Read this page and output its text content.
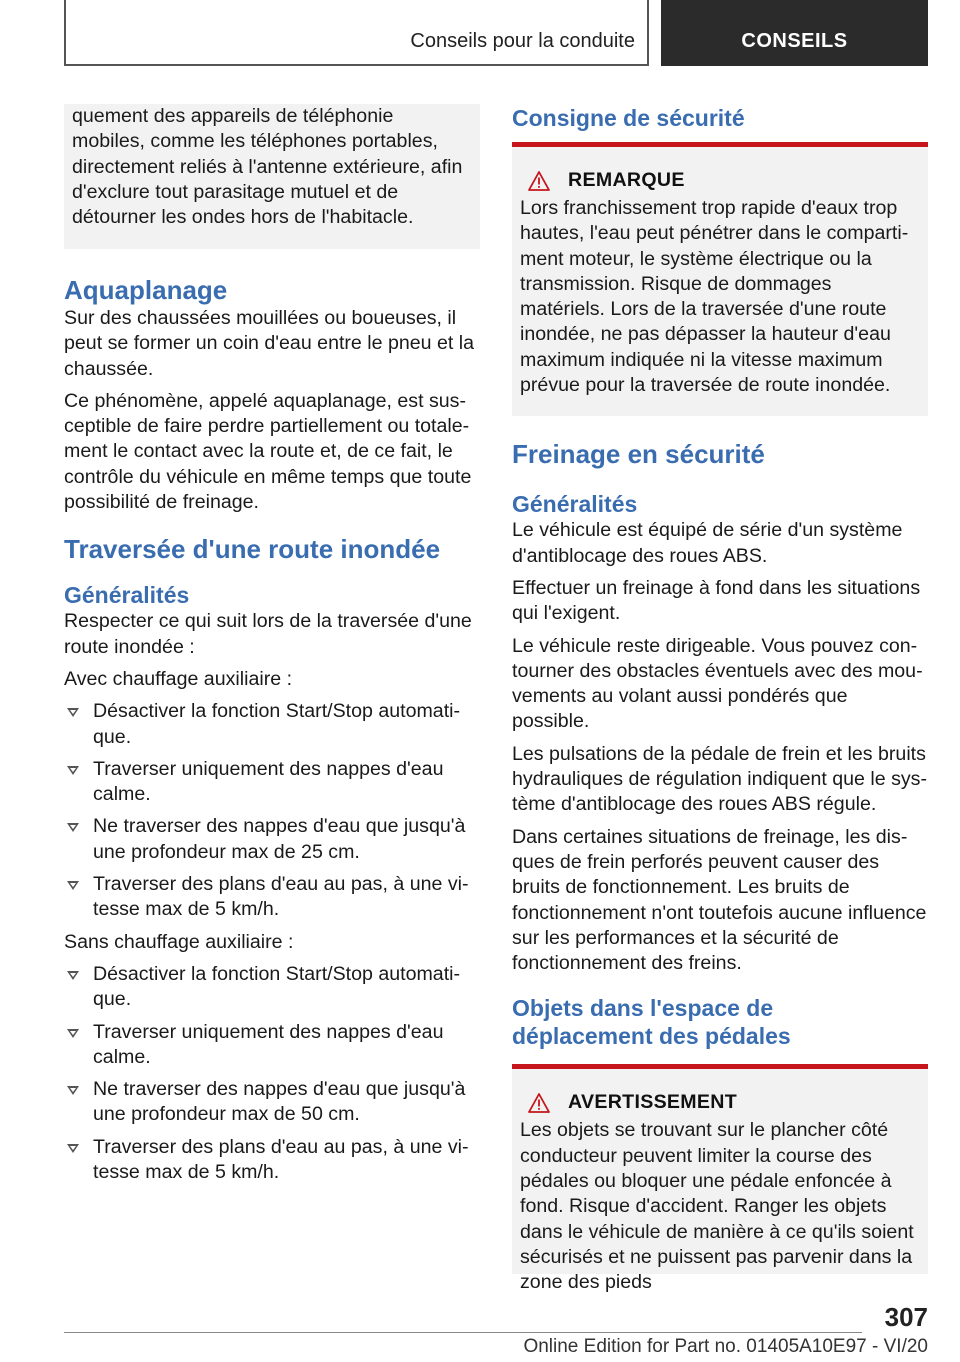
Conseils pour la conduite	CONSEILS

quement des appareils de téléphonie mobiles, comme les téléphones portables, directement reliés à l'antenne extérieure, afin d'exclure tout parasitage mutuel et de détourner les ondes hors de l'habitacle.

Aquaplanage

Sur des chaussées mouillées ou boueuses, il peut se former un coin d'eau entre le pneu et la chaussée.

Ce phénomène, appelé aquaplanage, est susceptible de faire perdre partiellement ou totalement le contact avec la route et, de ce fait, le contrôle du véhicule en même temps que toute possibilité de freinage.

Traversée d'une route inondée
Généralités

Respecter ce qui suit lors de la traversée d'une route inondée :

Avec chauffage auxiliaire :

Désactiver la fonction Start/Stop automatique.
Traverser uniquement des nappes d'eau calme.
Ne traverser des nappes d'eau que jusqu'à une profondeur max de 25 cm.
Traverser des plans d'eau au pas, à une vitesse max de 5 km/h.

Sans chauffage auxiliaire :

Désactiver la fonction Start/Stop automatique.
Traverser uniquement des nappes d'eau calme.
Ne traverser des nappes d'eau que jusqu'à une profondeur max de 50 cm.
Traverser des plans d'eau au pas, à une vitesse max de 5 km/h.
Consigne de sécurité
REMARQUE

Lors franchissement trop rapide d'eaux trop hautes, l'eau peut pénétrer dans le compartiment moteur, le système électrique ou la transmission. Risque de dommages matériels. Lors de la traversée d'une route inondée, ne pas dépasser la hauteur d'eau maximum indiquée ni la vitesse maximum prévue pour la traversée de route inondée.

Freinage en sécurité
Généralités

Le véhicule est équipé de série d'un système d'antiblocage des roues ABS.

Effectuer un freinage à fond dans les situations qui l'exigent.

Le véhicule reste dirigeable. Vous pouvez contourner des obstacles éventuels avec des mouvements au volant aussi pondérés que possible.

Les pulsations de la pédale de frein et les bruits hydrauliques de régulation indiquent que le système d'antiblocage des roues ABS régule.

Dans certaines situations de freinage, les disques de frein perforés peuvent causer des bruits de fonctionnement. Les bruits de fonctionnement n'ont toutefois aucune influence sur les performances et la sécurité de fonctionnement des freins.

Objets dans l'espace de
déplacement des pédales
AVERTISSEMENT

Les objets se trouvant sur le plancher côté conducteur peuvent limiter la course des pédales ou bloquer une pédale enfoncée à fond. Risque d'accident. Ranger les objets dans le véhicule de manière à ce qu'ils soient sécurisés et ne puissent pas parvenir dans la zone des pieds

307
Online Edition for Part no. 01405A10E97 - VI/20
